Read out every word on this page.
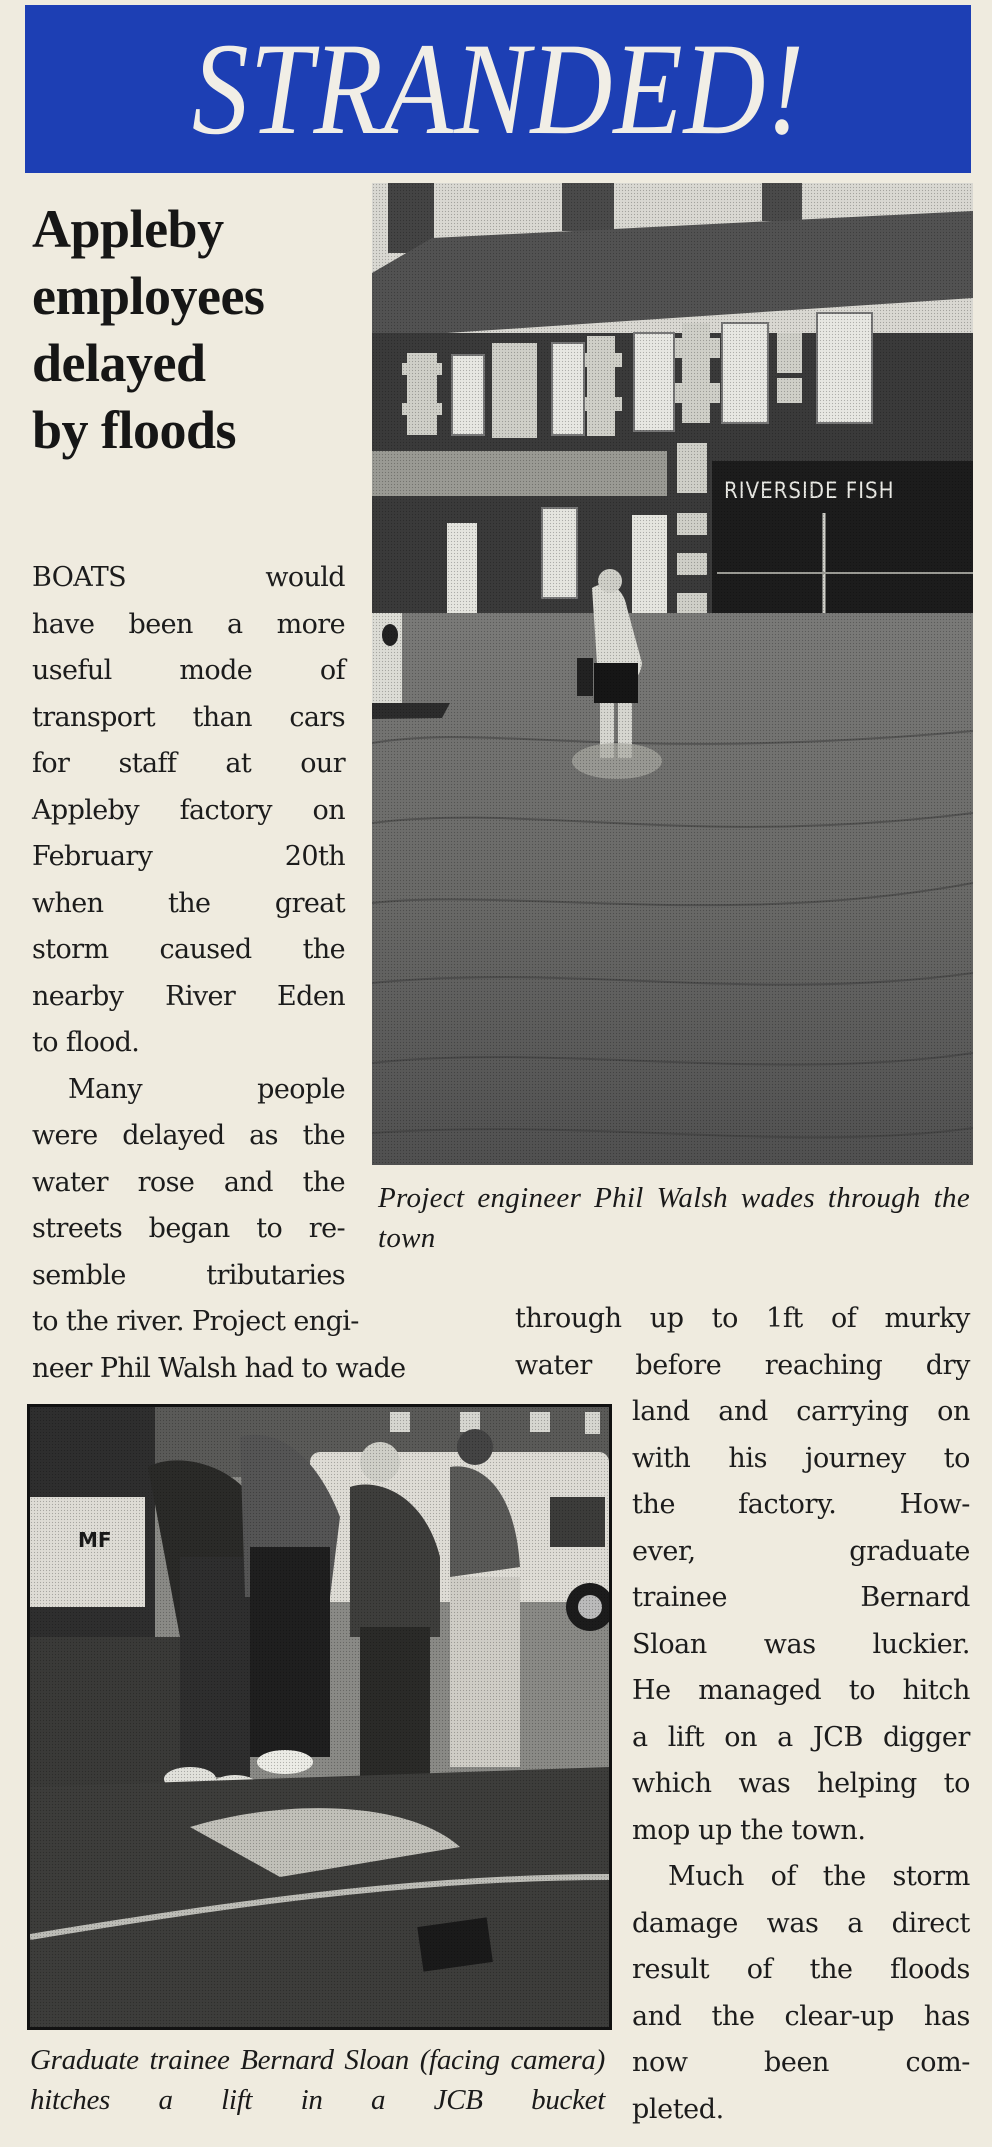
STRANDED!
Appleby
employees
delayed
by floods
BOATS would
have been a more
useful mode of
transport than cars
for staff at our
Appleby factory on
February 20th
when the great
storm caused the
nearby River Eden
to flood.
Many people
were delayed as the
water rose and the
streets began to re-
semble tributaries
to the river. Project engi-
neer Phil Walsh had to wade
Project engineer Phil Walsh wades through the town
through up to 1ft of murky
water before reaching dry
land and carrying on
with his journey to
the factory. How-
ever, graduate
trainee Bernard
Sloan was luckier.
He managed to hitch
a lift on a JCB digger
which was helping to
mop up the town.
Much of the storm
damage was a direct
result of the floods
and the clear-up has
now been com-
pleted.
Graduate trainee Bernard Sloan (facing camera) hitches a lift in a JCB bucket
